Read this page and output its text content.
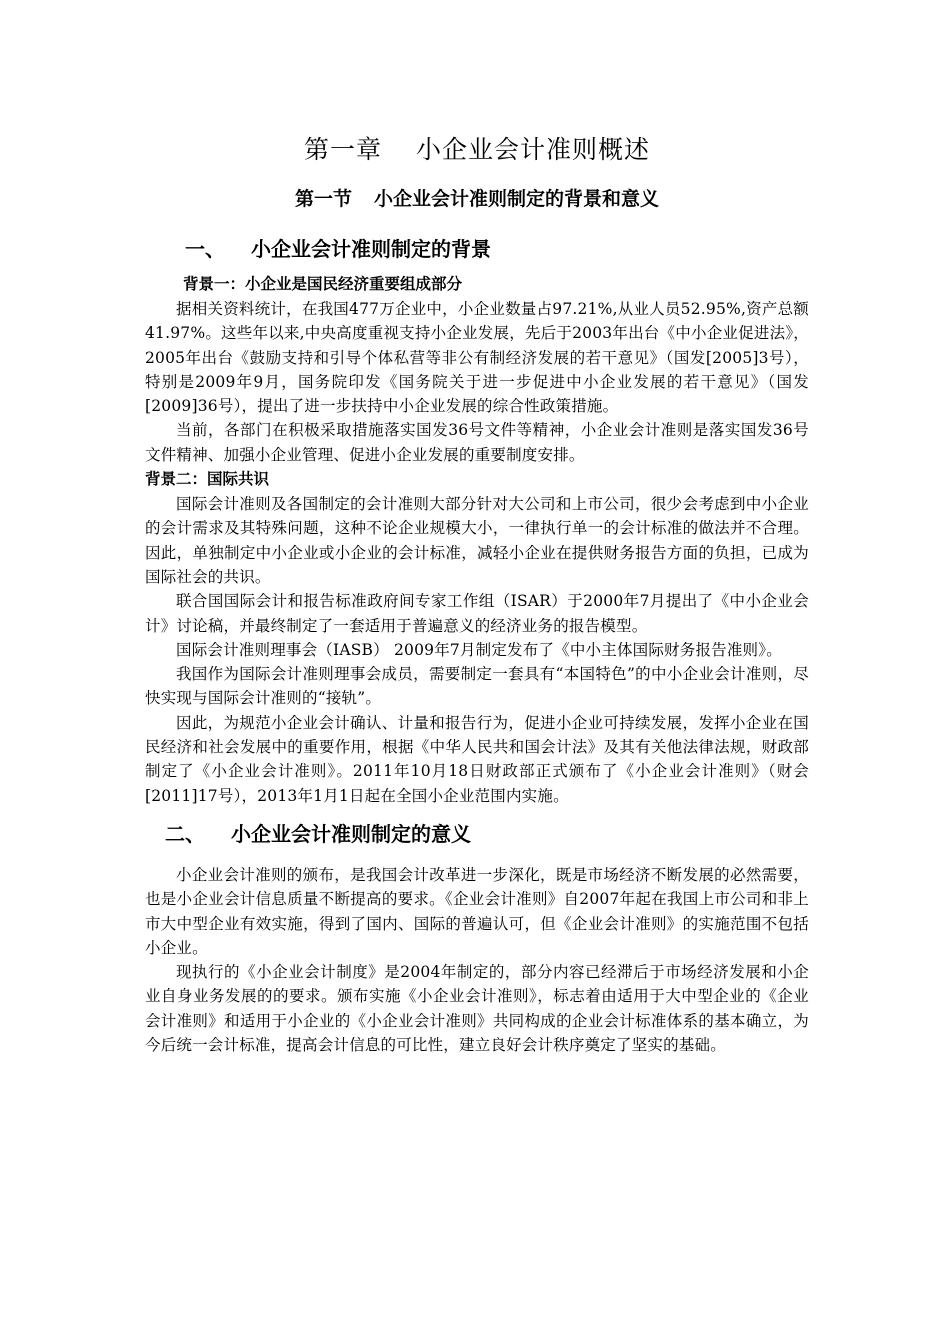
第一章 小企业会计准则概述
第一节 小企业会计准则制定的背景和意义
一、 小企业会计准则制定的背景
背景一：小企业是国民经济重要组成部分

据相关资料统计，在我国477万企业中，小企业数量占97.21%,从业人员52.95%,资产总额41.97%。这些年以来,中央高度重视支持小企业发展，先后于2003年出台《中小企业促进法》，2005年出台《鼓励支持和引导个体私营等非公有制经济发展的若干意见》（国发[2005]3号），特别是2009年9月，国务院印发《国务院关于进一步促进中小企业发展的若干意见》（国发[2009]36号），提出了进一步扶持中小企业发展的综合性政策措施。

当前，各部门在积极采取措施落实国发36号文件等精神，小企业会计准则是落实国发36号文件精神、加强小企业管理、促进小企业发展的重要制度安排。

背景二：国际共识

国际会计准则及各国制定的会计准则大部分针对大公司和上市公司，很少会考虑到中小企业的会计需求及其特殊问题，这种不论企业规模大小，一律执行单一的会计标准的做法并不合理。因此，单独制定中小企业或小企业的会计标准，减轻小企业在提供财务报告方面的负担，已成为国际社会的共识。

联合国国际会计和报告标准政府间专家工作组（ISAR）于2000年7月提出了《中小企业会计》讨论稿，并最终制定了一套适用于普遍意义的经济业务的报告模型。

国际会计准则理事会（IASB） 2009年7月制定发布了《中小主体国际财务报告准则》。

我国作为国际会计准则理事会成员，需要制定一套具有“本国特色”的中小企业会计准则，尽快实现与国际会计准则的“接轨”。

因此，为规范小企业会计确认、计量和报告行为，促进小企业可持续发展，发挥小企业在国民经济和社会发展中的重要作用，根据《中华人民共和国会计法》及其有关他法律法规，财政部制定了《小企业会计准则》。2011年10月18日财政部正式颁布了《小企业会计准则》（财会[2011]17号），2013年1月1日起在全国小企业范围内实施。

二、 小企业会计准则制定的意义

小企业会计准则的颁布，是我国会计改革进一步深化，既是市场经济不断发展的必然需要，也是小企业会计信息质量不断提高的要求。《企业会计准则》自2007年起在我国上市公司和非上市大中型企业有效实施，得到了国内、国际的普遍认可，但《企业会计准则》的实施范围不包括小企业。

现执行的《小企业会计制度》是2004年制定的，部分内容已经滞后于市场经济发展和小企业自身业务发展的的要求。颁布实施《小企业会计准则》，标志着由适用于大中型企业的《企业会计准则》和适用于小企业的《小企业会计准则》共同构成的企业会计标准体系的基本确立，为今后统一会计标准，提高会计信息的可比性，建立良好会计秩序奠定了坚实的基础。
